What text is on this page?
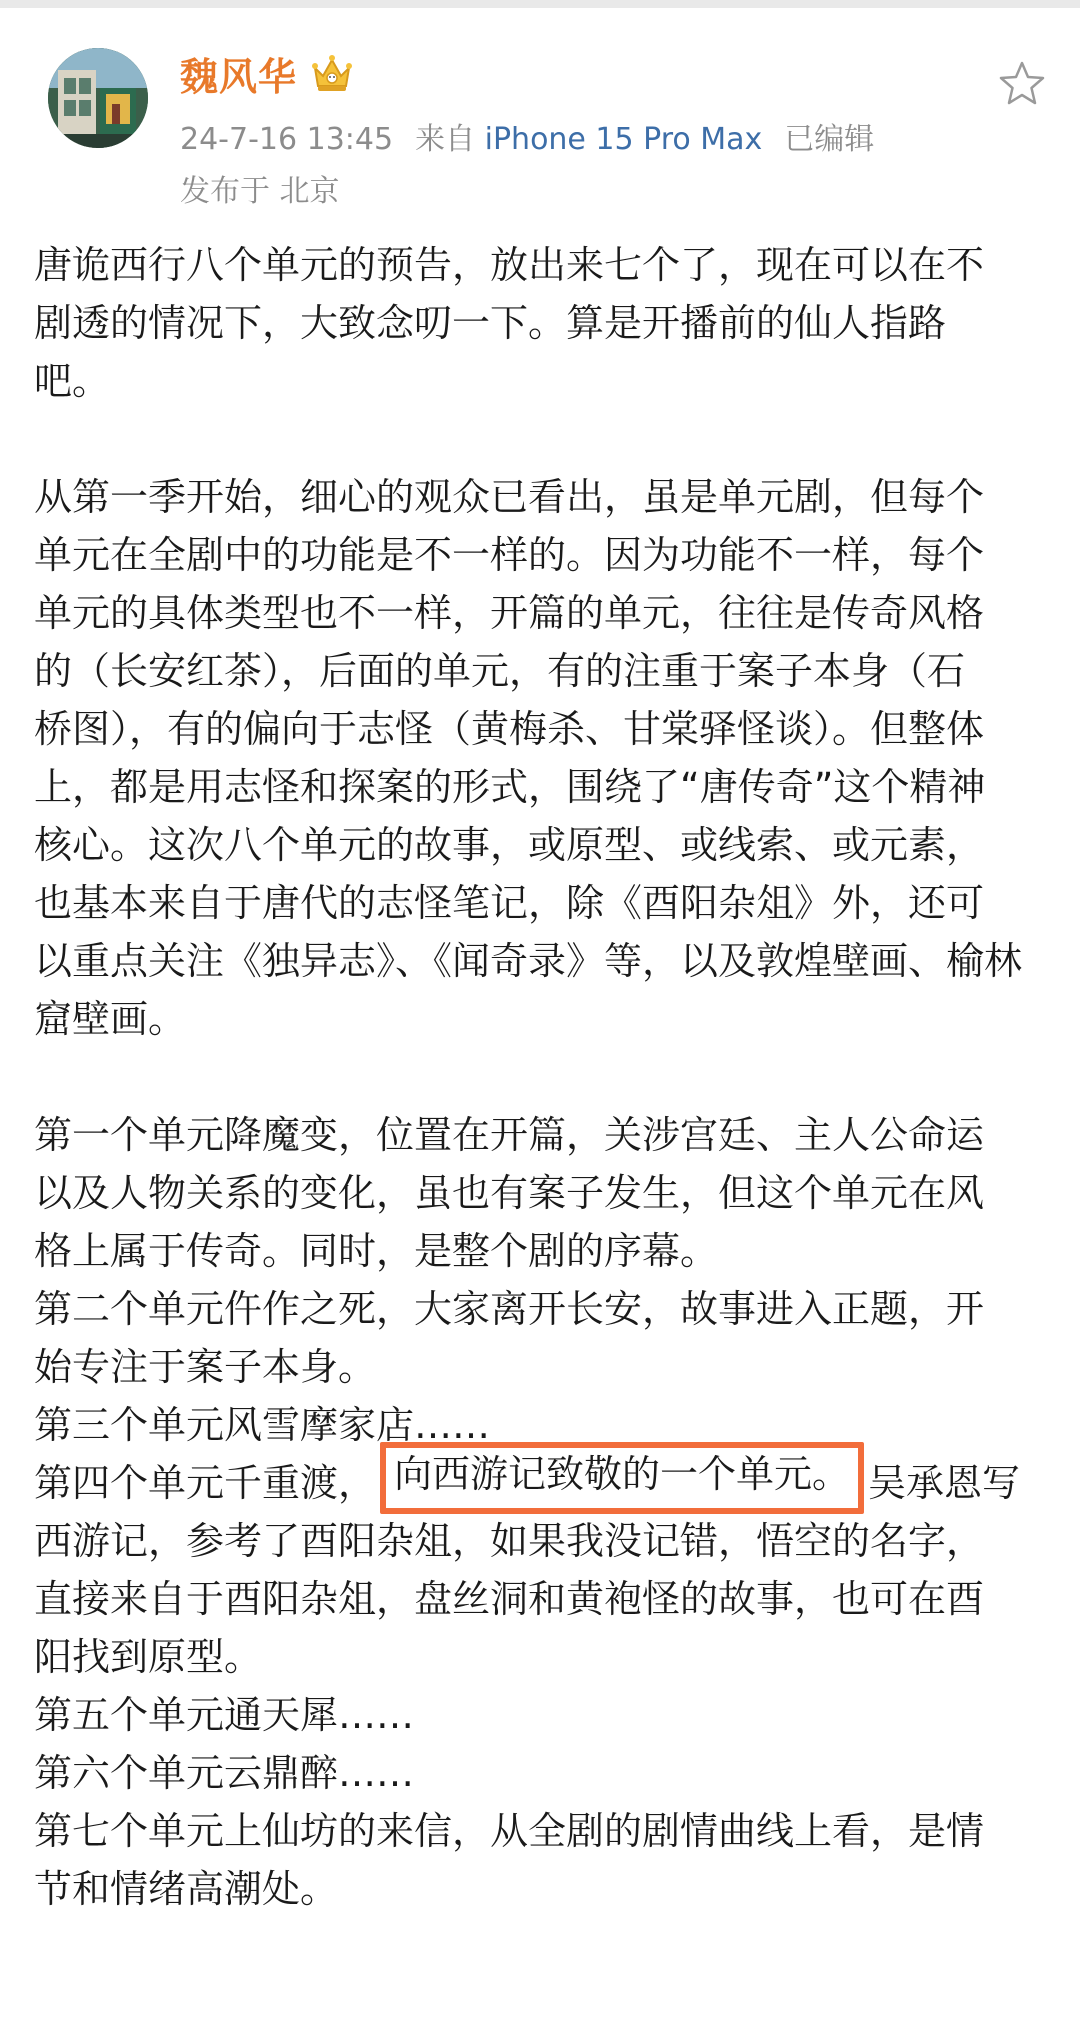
魏风华
24-7-16 13:45 来自 iPhone 15 Pro Max 已编辑
发布于 北京
唐诡西行八个单元的预告，放出来七个了，现在可以在不
剧透的情况下，大致念叨一下。算是开播前的仙人指路
吧。
从第一季开始，细心的观众已看出，虽是单元剧，但每个
单元在全剧中的功能是不一样的。因为功能不一样，每个
单元的具体类型也不一样，开篇的单元，往往是传奇风格
的（长安红茶），后面的单元，有的注重于案子本身（石
桥图），有的偏向于志怪（黄梅杀、甘棠驿怪谈）。但整体
上，都是用志怪和探案的形式，围绕了“唐传奇”这个精神
核心。这次八个单元的故事，或原型、或线索、或元素，
也基本来自于唐代的志怪笔记，除《酉阳杂俎》外，还可
以重点关注《独异志》、《闻奇录》等，以及敦煌壁画、榆林
窟壁画。
第一个单元降魔变，位置在开篇，关涉宫廷、主人公命运
以及人物关系的变化，虽也有案子发生，但这个单元在风
格上属于传奇。同时，是整个剧的序幕。
第二个单元仵作之死，大家离开长安，故事进入正题，开
始专注于案子本身。
第三个单元风雪摩家店……
第四个单元千重渡， 向西游记致敬的一个单元。 吴承恩写
西游记，参考了酉阳杂俎，如果我没记错，悟空的名字，
直接来自于酉阳杂俎，盘丝洞和黄袍怪的故事，也可在酉
阳找到原型。
第五个单元通天犀……
第六个单元云鼎醉……
第七个单元上仙坊的来信，从全剧的剧情曲线上看，是情
节和情绪高潮处。
